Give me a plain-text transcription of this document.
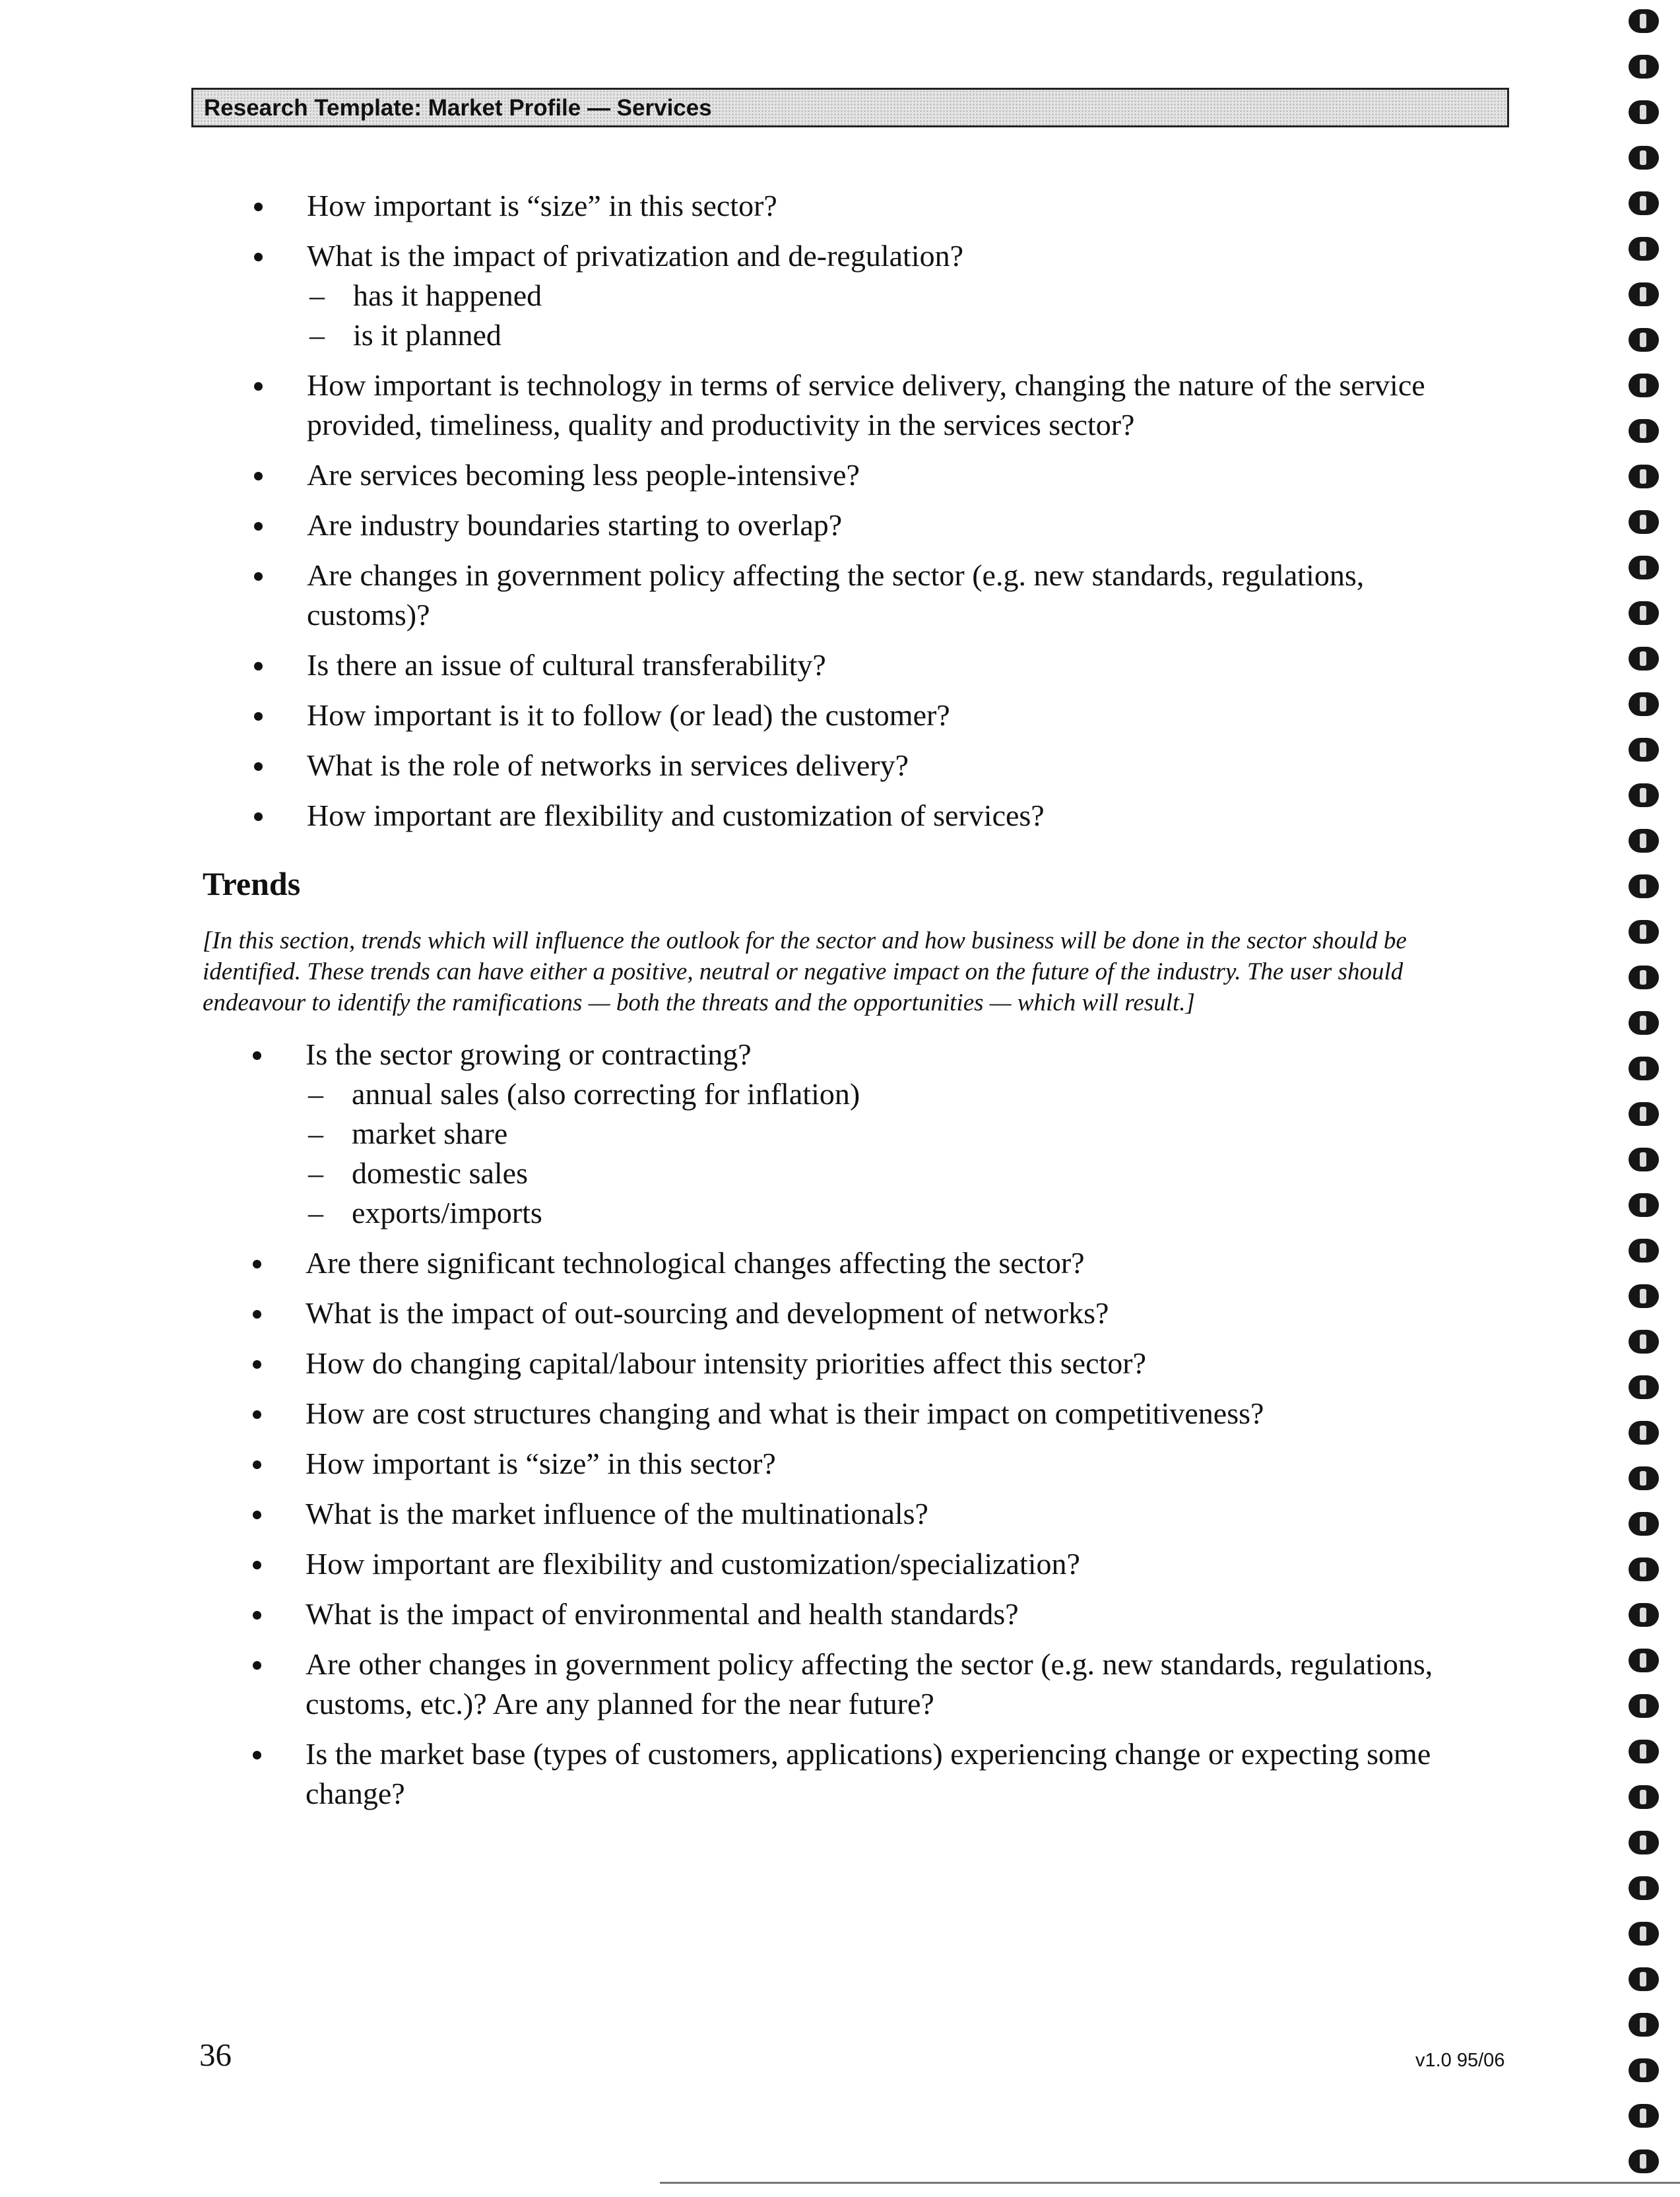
Research Template: Market Profile — Services
How important is “size” in this sector?
What is the impact of privatization and de-regulation?
– has it happened
– is it planned
How important is technology in terms of service delivery, changing the nature of the service provided, timeliness, quality and productivity in the services sector?
Are services becoming less people-intensive?
Are industry boundaries starting to overlap?
Are changes in government policy affecting the sector (e.g. new standards, regulations, customs)?
Is there an issue of cultural transferability?
How important is it to follow (or lead) the customer?
What is the role of networks in services delivery?
How important are flexibility and customization of services?
Trends

[In this section, trends which will influence the outlook for the sector and how business will be done in the sector should be identified. These trends can have either a positive, neutral or negative impact on the future of the industry. The user should endeavour to identify the ramifications — both the threats and the opportunities — which will result.]

Is the sector growing or contracting?
– annual sales (also correcting for inflation)
– market share
– domestic sales
– exports/imports
Are there significant technological changes affecting the sector?
What is the impact of out-sourcing and development of networks?
How do changing capital/labour intensity priorities affect this sector?
How are cost structures changing and what is their impact on competitiveness?
How important is “size” in this sector?
What is the market influence of the multinationals?
How important are flexibility and customization/specialization?
What is the impact of environmental and health standards?
Are other changes in government policy affecting the sector (e.g. new standards, regulations, customs, etc.)? Are any planned for the near future?
Is the market base (types of customers, applications) experiencing change or expecting some change?
36	v1.0 95/06
